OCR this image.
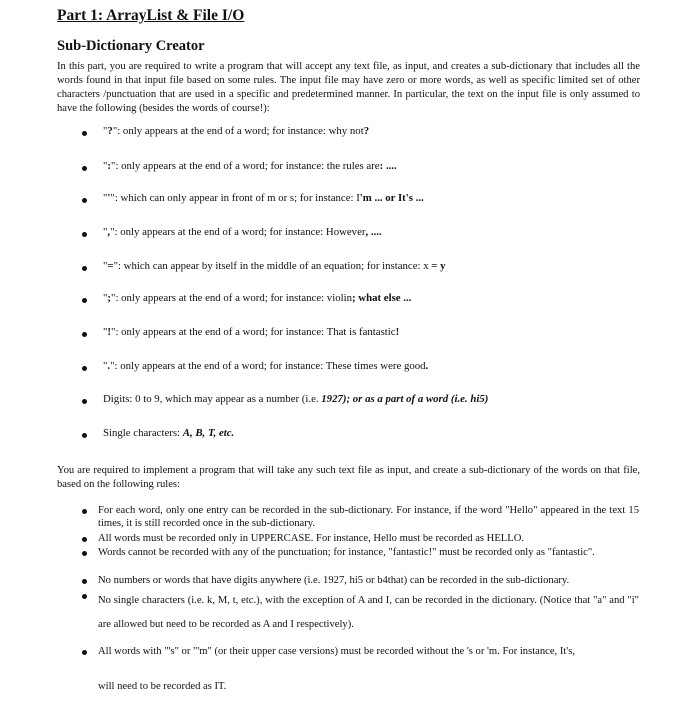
Part 1: ArrayList & File I/O
Sub-Dictionary Creator

In this part, you are required to write a program that will accept any text file, as input, and creates a sub-dictionary that includes all the words found in that input file based on some rules. The input file may have zero or more words, as well as specific limited set of other characters /punctuation that are used in a specific and predetermined manner. In particular, the text on the input file is only assumed to have the following (besides the words of course!):

"?": only appears at the end of a word; for instance: why not?
":": only appears at the end of a word; for instance: the rules are: ....
"'": which can only appear in front of m or s; for instance: I'm ... or It's ...
",": only appears at the end of a word; for instance: However, ....
"=": which can appear by itself in the middle of an equation; for instance: x = y
";": only appears at the end of a word; for instance: violin; what else ...
"!": only appears at the end of a word; for instance: That is fantastic!
".": only appears at the end of a word; for instance: These times were good.
Digits: 0 to 9, which may appear as a number (i.e. 1927); or as a part of a word (i.e. hi5)
Single characters: A, B, T, etc.

You are required to implement a program that will take any such text file as input, and create a sub-dictionary of the words on that file, based on the following rules:

For each word, only one entry can be recorded in the sub-dictionary. For instance, if the word "Hello" appeared in the text 15 times, it is still recorded once in the sub-dictionary.
All words must be recorded only in UPPERCASE. For instance, Hello must be recorded as HELLO.
Words cannot be recorded with any of the punctuation; for instance, "fantastic!" must be recorded only as "fantastic".
No numbers or words that have digits anywhere (i.e. 1927, hi5 or b4that) can be recorded in the sub-dictionary.
No single characters (i.e. k, M, t, etc.), with the exception of A and I, can be recorded in the dictionary. (Notice that "a" and "i" are allowed but need to be recorded as A and I respectively).
All words with "'s" or "'m" (or their upper case versions) must be recorded without the 's or 'm. For instance, It's,
will need to be recorded as IT.
